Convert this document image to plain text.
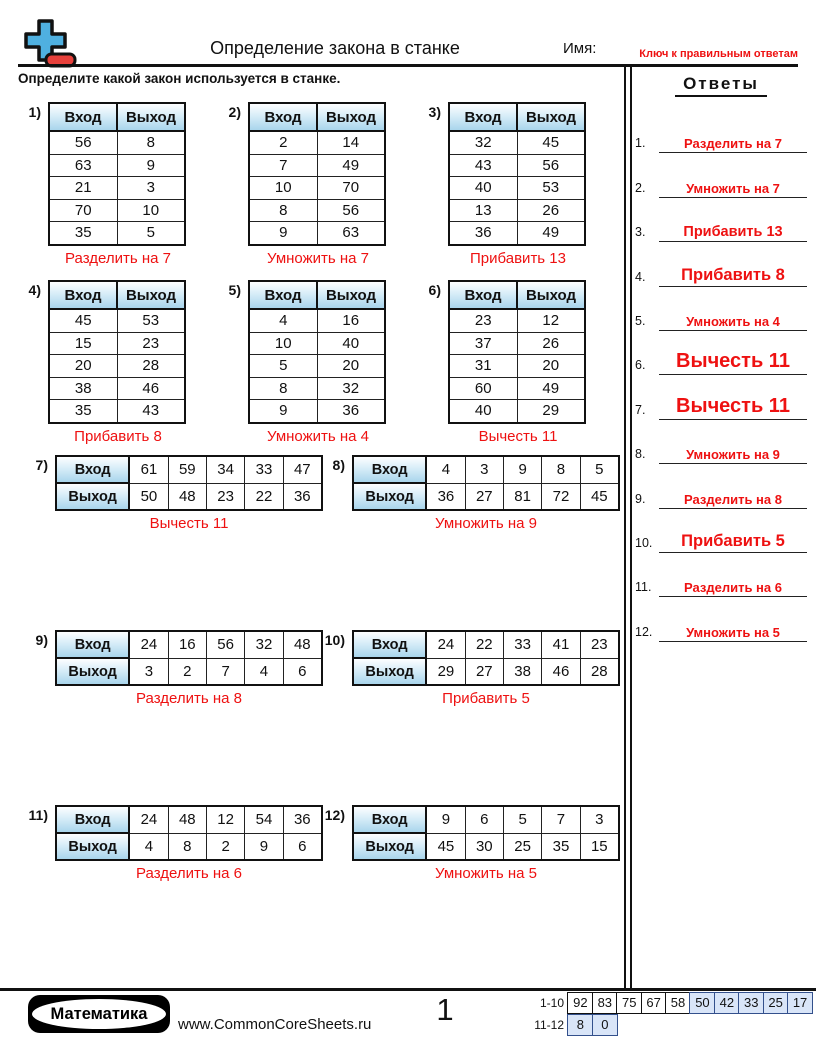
Определение закона в станке	Имя:	Ключ к правильным ответам
Определите какой закон используется в станке.
1) Вход	Выход
56	8
63	9
21	3
70	10
35	5
Разделить на 7
2) Вход	Выход
2	14
7	49
10	70
8	56
9	63
Умножить на 7
3) Вход	Выход
32	45
43	56
40	53
13	26
36	49
Прибавить 13
4) Вход	Выход
45	53
15	23
20	28
38	46
35	43
Прибавить 8
5) Вход	Выход
4	16
10	40
5	20
8	32
9	36
Умножить на 4
6) Вход	Выход
23	12
37	26
31	20
60	49
40	29
Вычесть 11
7) Вход	61	59	34	33	47
Выход	50	48	23	22	36
Вычесть 11
8) Вход	4	3	9	8	5
Выход	36	27	81	72	45
Умножить на 9
9) Вход	24	16	56	32	48
Выход	3	2	7	4	6
Разделить на 8
10) Вход	24	22	33	41	23
Выход	29	27	38	46	28
Прибавить 5
11) Вход	24	48	12	54	36
Выход	4	8	2	9	6
Разделить на 6
12) Вход	9	6	5	7	3
Выход	45	30	25	35	15
Умножить на 5
Ответы
1.	Разделить на 7
2.	Умножить на 7
3.	Прибавить 13
4.	Прибавить 8
5.	Умножить на 4
6.	Вычесть 11
7.	Вычесть 11
8.	Умножить на 9
9.	Разделить на 8
10.	Прибавить 5
11.	Разделить на 6
12.	Умножить на 5
Математика
www.CommonCoreSheets.ru	1	1-10 92 83 75 67 58 50 42 33 25 17
11-12 8	0
